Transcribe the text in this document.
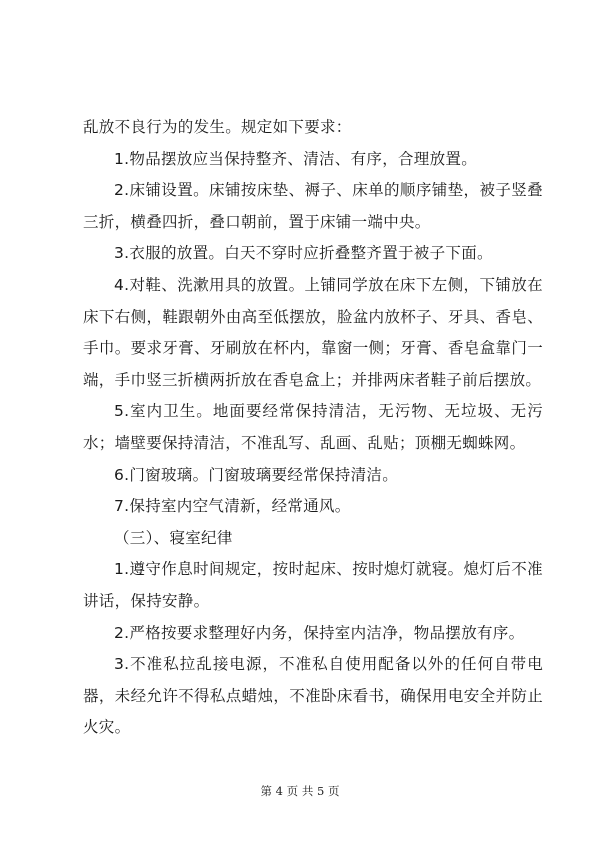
乱放不良行为的发生。规定如下要求：

1.物品摆放应当保持整齐、清洁、有序，合理放置。

2.床铺设置。床铺按床垫、褥子、床单的顺序铺垫，被子竖叠三折，横叠四折，叠口朝前，置于床铺一端中央。

3.衣服的放置。白天不穿时应折叠整齐置于被子下面。

4.对鞋、洗漱用具的放置。上铺同学放在床下左侧，下铺放在床下右侧，鞋跟朝外由高至低摆放，脸盆内放杯子、牙具、香皂、手巾。要求牙膏、牙刷放在杯内，靠窗一侧；牙膏、香皂盒靠门一端，手巾竖三折横两折放在香皂盒上；并排两床者鞋子前后摆放。

5.室内卫生。地面要经常保持清洁，无污物、无垃圾、无污水；墙壁要保持清洁，不准乱写、乱画、乱贴；顶棚无蜘蛛网。

6.门窗玻璃。门窗玻璃要经常保持清洁。

7.保持室内空气清新，经常通风。

（三）、寝室纪律

1.遵守作息时间规定，按时起床、按时熄灯就寝。熄灯后不准讲话，保持安静。

2.严格按要求整理好内务，保持室内洁净，物品摆放有序。

3.不准私拉乱接电源，不准私自使用配备以外的任何自带电器，未经允许不得私点蜡烛，不准卧床看书，确保用电安全并防止火灾。

第 4 页 共 5 页
